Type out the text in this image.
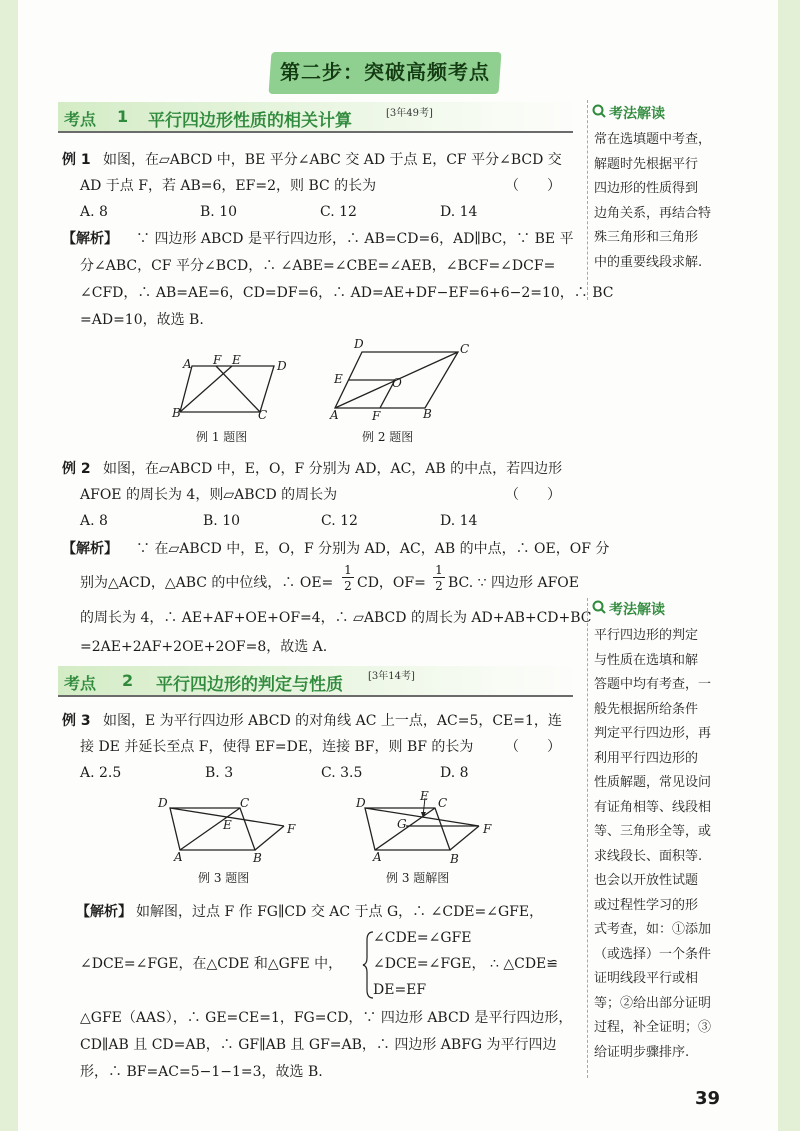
第二步：突破高频考点
考点 1 平行四边形性质的相关计算	[3年49考]	考法解读
常在选填题中考查，
解题时先根据平行
四边形的性质得到
边角关系，再结合特
殊三角形和三角形
中的重要线段求解.
例 1 如图，在▱ABCD 中，BE 平分∠ABC 交 AD 于点 E，CF 平分∠BCD 交
AD 于点 F，若 AB=6，EF=2，则 BC 的长为	（　　）
A. 8	B. 10	C. 12	D. 14
【解析】 ∵ 四边形 ABCD 是平行四边形，∴ AB=CD=6，AD∥BC，∵ BE 平
分∠ABC，CF 平分∠BCD，∴ ∠ABE=∠CBE=∠AEB，∠BCF=∠DCF=
∠CFD，∴ AB=AE=6，CD=DF=6，∴ AD=AE+DF−EF=6+6−2=10，∴ BC
=AD=10，故选 B.
A F E	D
B	C
例 1 题图
D	C
E	O
A	F	B
例 2 题图
例 2 如图，在▱ABCD 中，E，O，F 分别为 AD，AC，AB 的中点，若四边形
AFOE 的周长为 4，则▱ABCD 的周长为	（　　）
A. 8	B. 10	C. 12	D. 14
【解析】 ∵ 在▱ABCD 中，E，O，F 分别为 AD，AC，AB 的中点，∴ OE，OF 分
别为△ACD，△ABC 的中位线，∴ OE=
1
2 CD，OF=
1
2 BC. ∵ 四边形 AFOE
的周长为 4，∴ AE+AF+OE+OF=4，∴ ▱ABCD 的周长为 AD+AB+CD+BC
=2AE+2AF+2OE+2OF=8，故选 A.
考点 2 平行四边形的判定与性质	[3年14考]
考法解读
平行四边形的判定
与性质在选填和解
答题中均有考查，一
般先根据所给条件
判定平行四边形，再
利用平行四边形的
性质解题，常见设问
有证角相等、线段相
等、三角形全等，或
求线段长、面积等.
也会以开放性试题
或过程性学习的形
式考查，如：①添加
（或选择）一个条件
证明线段平行或相
等；②给出部分证明
过程，补全证明；③
给证明步骤排序.
例 3 如图，E 为平行四边形 ABCD 的对角线 AC 上一点，AC=5，CE=1，连
接 DE 并延长至点 F，使得 EF=DE，连接 BF，则 BF 的长为 （　　）
A. 2.5	B. 3	C. 3.5	D. 8
D	C
E	F
A	B
例 3 题图
E
D	C
G	F
A	B
例 3 题解图
【解析】 如解图，过点 F 作 FG∥CD 交 AC 于点 G，∴ ∠CDE=∠GFE，
∠DCE=∠FGE，在△CDE 和△GFE 中，
∠CDE=∠GFE
∠DCE=∠FGE，
DE=EF
∴ △CDE≌
△GFE（AAS），∴ GE=CE=1，FG=CD，∵ 四边形 ABCD 是平行四边形，
CD∥AB 且 CD=AB，∴ GF∥AB 且 GF=AB，∴ 四边形 ABFG 为平行四边
形，∴ BF=AC=5−1−1=3，故选 B.
39
